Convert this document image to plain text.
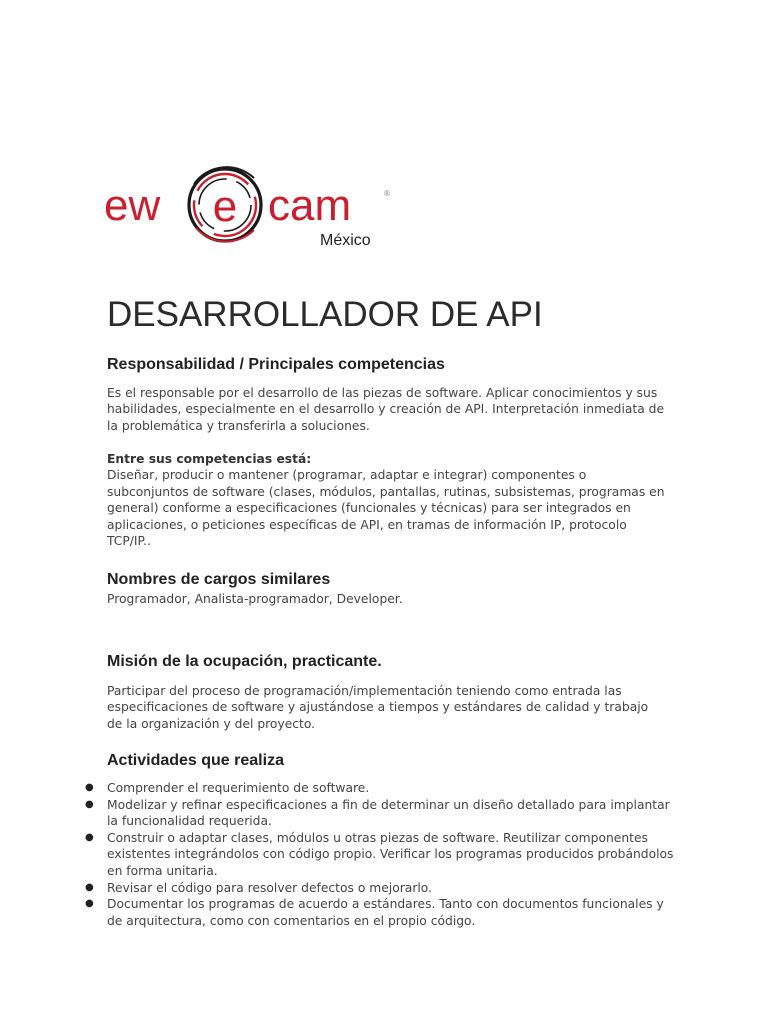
ew e cam	®
México
DESARROLLADOR DE API
Responsabilidad / Principales competencias

Es el responsable por el desarrollo de las piezas de software. Aplicar conocimientos y sus habilidades, especialmente en el desarrollo y creación de API. Interpretación inmediata de la problemática y transferirla a soluciones.

Entre sus competencias está:
Diseñar, producir o mantener (programar, adaptar e integrar) componentes o subconjuntos de software (clases, módulos, pantallas, rutinas, subsistemas, programas en general) conforme a especificaciones (funcionales y técnicas) para ser integrados en aplicaciones, o peticiones específicas de API, en tramas de información IP, protocolo TCP/IP..

Nombres de cargos similares

Programador, Analista-programador, Developer.

Misión de la ocupación, practicante.

Participar del proceso de programación/implementación teniendo como entrada las especificaciones de software y ajustándose a tiempos y estándares de calidad y trabajo de la organización y del proyecto.

Actividades que realiza
● Comprender el requerimiento de software.
● Modelizar y refinar especificaciones a fin de determinar un diseño detallado para implantar la funcionalidad requerida.
● Construir o adaptar clases, módulos u otras piezas de software. Reutilizar componentes existentes integrándolos con código propio. Verificar los programas producidos probándolos en forma unitaria.
● Revisar el código para resolver defectos o mejorarlo.
● Documentar los programas de acuerdo a estándares. Tanto con documentos funcionales y de arquitectura, como con comentarios en el propio código.
